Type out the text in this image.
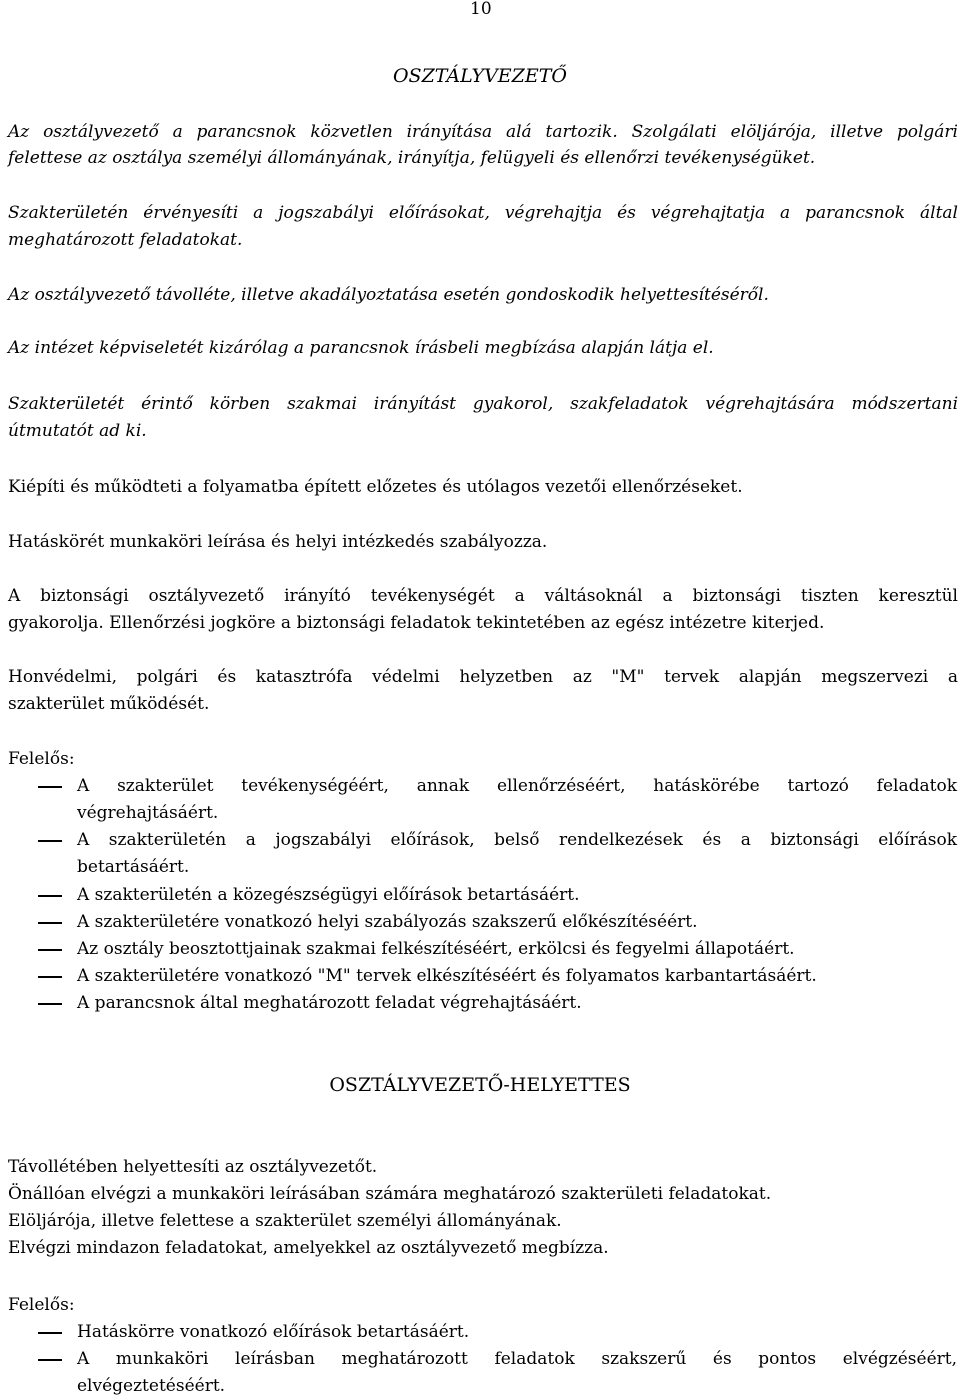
10
OSZTÁLYVEZETŐ
Az osztályvezető a parancsnok közvetlen irányítása alá tartozik. Szolgálati elöljárója, illetve polgári
felettese az osztálya személyi állományának, irányítja, felügyeli és ellenőrzi tevékenységüket.
Szakterületén érvényesíti a jogszabályi előírásokat, végrehajtja és végrehajtatja a parancsnok által
meghatározott feladatokat.
Az osztályvezető távolléte, illetve akadályoztatása esetén gondoskodik helyettesítéséről.
Az intézet képviseletét kizárólag a parancsnok írásbeli megbízása alapján látja el.
Szakterületét érintő körben szakmai irányítást gyakorol, szakfeladatok végrehajtására módszertani
útmutatót ad ki.
Kiépíti és működteti a folyamatba épített előzetes és utólagos vezetői ellenőrzéseket.
Hatáskörét munkaköri leírása és helyi intézkedés szabályozza.
A biztonsági osztályvezető irányító tevékenységét a váltásoknál a biztonsági tiszten keresztül
gyakorolja. Ellenőrzési jogköre a biztonsági feladatok tekintetében az egész intézetre kiterjed.
Honvédelmi, polgári és katasztrófa védelmi helyzetben az "M" tervek alapján megszervezi a
szakterület működését.
Felelős:
A szakterület tevékenységéért, annak ellenőrzéséért, hatáskörébe tartozó feladatok
végrehajtásáért.
A szakterületén a jogszabályi előírások, belső rendelkezések és a biztonsági előírások
betartásáért.
A szakterületén a közegészségügyi előírások betartásáért.
A szakterületére vonatkozó helyi szabályozás szakszerű előkészítéséért.
Az osztály beosztottjainak szakmai felkészítéséért, erkölcsi és fegyelmi állapotáért.
A szakterületére vonatkozó "M" tervek elkészítéséért és folyamatos karbantartásáért.
A parancsnok által meghatározott feladat végrehajtásáért.
OSZTÁLYVEZETŐ-HELYETTES
Távollétében helyettesíti az osztályvezetőt.
Önállóan elvégzi a munkaköri leírásában számára meghatározó szakterületi feladatokat.
Elöljárója, illetve felettese a szakterület személyi állományának.
Elvégzi mindazon feladatokat, amelyekkel az osztályvezető megbízza.
Felelős:
Hatáskörre vonatkozó előírások betartásáért.
A munkaköri leírásban meghatározott feladatok szakszerű és pontos elvégzéséért,
elvégeztetéséért.
